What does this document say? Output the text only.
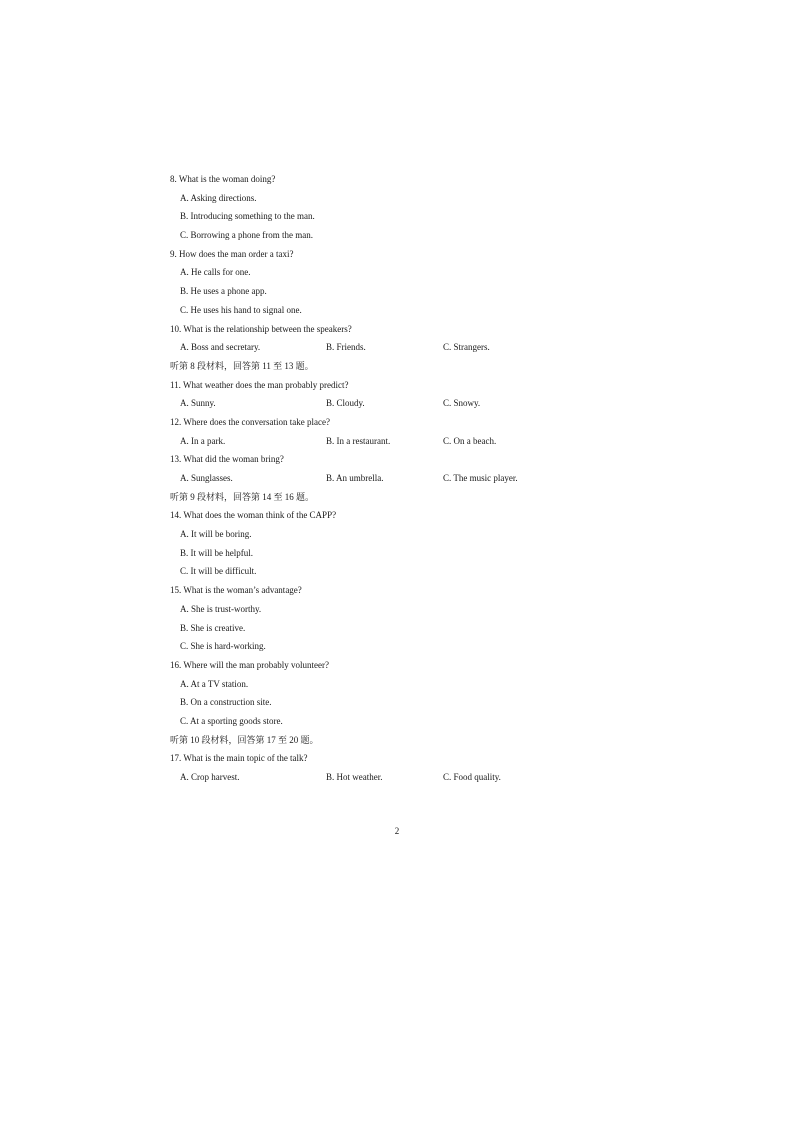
8. What is the woman doing?
A. Asking directions.
B. Introducing something to the man.
C. Borrowing a phone from the man.
9. How does the man order a taxi?
A. He calls for one.
B. He uses a phone app.
C. He uses his hand to signal one.
10. What is the relationship between the speakers?
A. Boss and secretary.	B. Friends.	C. Strangers.
听第 8 段材料，回答第 11 至 13 题。
11. What weather does the man probably predict?
A. Sunny.	B. Cloudy.	C. Snowy.
12. Where does the conversation take place?
A. In a park.	B. In a restaurant.	C. On a beach.
13. What did the woman bring?
A. Sunglasses.	B. An umbrella.	C. The music player.
听第 9 段材料，回答第 14 至 16 题。
14. What does the woman think of the CAPP?
A. It will be boring.
B. It will be helpful.
C. It will be difficult.
15. What is the woman’s advantage?
A. She is trust-worthy.
B. She is creative.
C. She is hard-working.
16. Where will the man probably volunteer?
A. At a TV station.
B. On a construction site.
C. At a sporting goods store.
听第 10 段材料，回答第 17 至 20 题。
17. What is the main topic of the talk?
A. Crop harvest.	B. Hot weather.	C. Food quality.
2
